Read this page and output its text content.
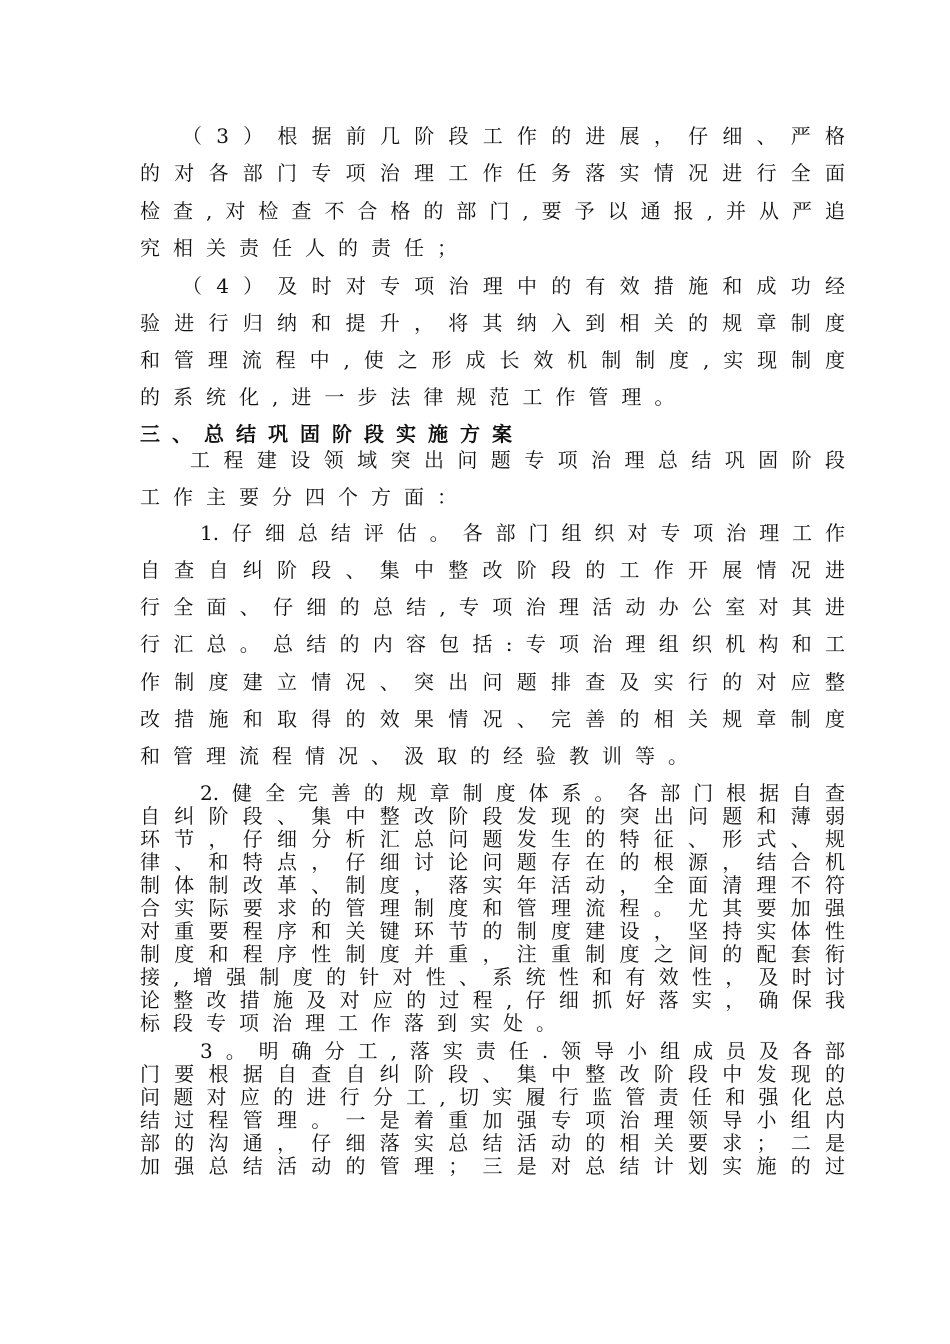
（3）根据前几阶段工作的进展，仔细、严格
的对各部门专项治理工作任务落实情况进行全面
检查,对检查不合格的部门,要予以通报,并从严追
究相关责任人的责任；
（4）及时对专项治理中的有效措施和成功经
验进行归纳和提升，将其纳入到相关的规章制度
和管理流程中,使之形成长效机制制度,实现制度
的系统化,进一步法律规范工作管理。
三、总结巩固阶段实施方案
工程建设领域突出问题专项治理总结巩固阶段
工作主要分四个方面：
1.仔细总结评估。各部门组织对专项治理工作
自查自纠阶段、集中整改阶段的工作开展情况进
行全面、仔细的总结,专项治理活动办公室对其进
行汇总。总结的内容包括:专项治理组织机构和工
作制度建立情况、突出问题排查及实行的对应整
改措施和取得的效果情况、完善的相关规章制度
和管理流程情况、汲取的经验教训等。
2.健全完善的规章制度体系。各部门根据自查
自纠阶段、集中整改阶段发现的突出问题和薄弱
环节，仔细分析汇总问题发生的特征、形式、规
律、和特点，仔细讨论问题存在的根源，结合机
制体制改革、制度，落实年活动，全面清理不符
合实际要求的管理制度和管理流程。尤其要加强
对重要程序和关键环节的制度建设，坚持实体性
制度和程序性制度并重，注重制度之间的配套衔
接,增强制度的针对性、系统性和有效性，及时讨
论整改措施及对应的过程,仔细抓好落实，确保我
标段专项治理工作落到实处。
3。明确分工,落实责任.领导小组成员及各部
门要根据自查自纠阶段、集中整改阶段中发现的
问题对应的进行分工,切实履行监管责任和强化总
结过程管理。一是着重加强专项治理领导小组内
部的沟通，仔细落实总结活动的相关要求；二是
加强总结活动的管理；三是对总结计划实施的过
